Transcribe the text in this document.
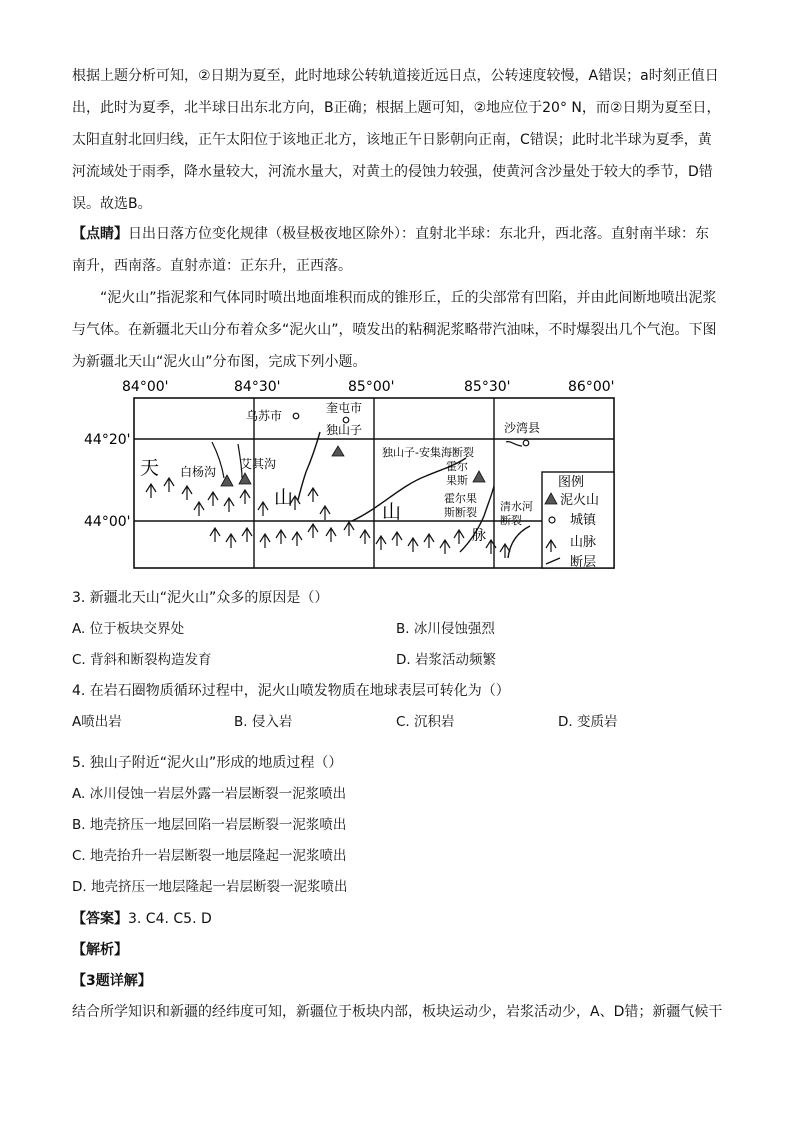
根据上题分析可知，②日期为夏至，此时地球公转轨道接近远日点，公转速度较慢，A错误；a时刻正值日出，此时为夏季，北半球日出东北方向，B正确；根据上题可知，②地应位于20° N，而②日期为夏至日，太阳直射北回归线，正午太阳位于该地正北方，该地正午日影朝向正南，C错误；此时北半球为夏季，黄河流域处于雨季，降水量较大，河流水量大，对黄土的侵蚀力较强，使黄河含沙量处于较大的季节，D错误。故选B。
【点睛】日出日落方位变化规律（极昼极夜地区除外）：直射北半球：东北升，西北落。直射南半球：东南升，西南落。直射赤道：正东升，正西落。
“泥火山”指泥浆和气体同时喷出地面堆积而成的锥形丘，丘的尖部常有凹陷，并由此间断地喷出泥浆与气体。在新疆北天山分布着众多“泥火山”，喷发出的粘稠泥浆略带汽油味，不时爆裂出几个气泡。下图为新疆北天山“泥火山”分布图，完成下列小题。
84°00'	84°30'	85°00'	85°30'	86°00'
44°20'
44°00'
乌苏市
奎屯市
独山子	沙湾县
白杨沟
艾其沟	霍尔
果斯
独山子-安集海断裂
霍尔果
斯断裂 清水河
断裂
天
山
山
脉
图例
泥火山
城镇
山脉
断层
3. 新疆北天山“泥火山”众多的原因是（）
A. 位于板块交界处	B. 冰川侵蚀强烈
C. 背斜和断裂构造发育	D. 岩浆活动频繁
4. 在岩石圈物质循环过程中，泥火山喷发物质在地球表层可转化为（）
A喷出岩	B. 侵入岩	C. 沉积岩	D. 变质岩
5. 独山子附近“泥火山”形成的地质过程（）
A. 冰川侵蚀一岩层外露一岩层断裂一泥浆喷出
B. 地壳挤压一地层回陷一岩层断裂一泥浆喷出
C. 地壳抬升一岩层断裂一地层隆起一泥浆喷出
D. 地壳挤压一地层隆起一岩层断裂一泥浆喷出
【答案】3. C4. C5. D
【解析】
【3题详解】
结合所学知识和新疆的经纬度可知，新疆位于板块内部，板块运动少，岩浆活动少，A、D错；新疆气候干
